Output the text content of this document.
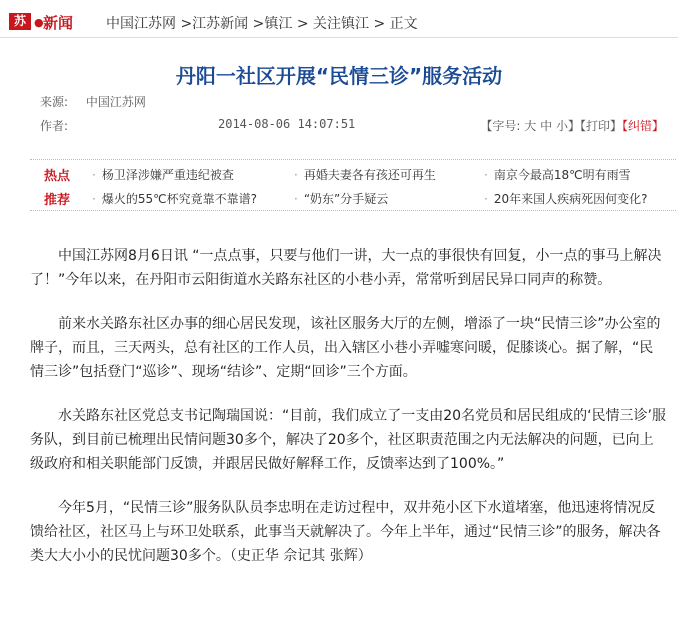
苏 ● 新闻 中国江苏网 >江苏新闻 >镇江 > 关注镇江 > 正文
丹阳一社区开展“民情三诊”服务活动
来源: 中国江苏网
作者:	2014-08-06 14:07:51	【字号: 大 中 小】【打印】【纠错】
热点	· 杨卫泽涉嫌严重违纪被查	· 再婚夫妻各有孩还可再生	· 南京今最高18℃明有雨雪
推荐	· 爆火的55℃杯究竟靠不靠谱?	· “奶东”分手疑云	· 20年来国人疾病死因何变化?

中国江苏网8月6日讯 “一点点事，只要与他们一讲，大一点的事很快有回复，小一点的事马上解决了！”今年以来，在丹阳市云阳街道水关路东社区的小巷小弄，常常听到居民异口同声的称赞。

前来水关路东社区办事的细心居民发现，该社区服务大厅的左侧，增添了一块“民情三诊”办公室的牌子，而且，三天两头，总有社区的工作人员，出入辖区小巷小弄嘘寒问暖，促膝谈心。据了解，“民情三诊”包括登门“巡诊”、现场“结诊”、定期“回诊”三个方面。

水关路东社区党总支书记陶瑞国说：“目前，我们成立了一支由20名党员和居民组成的‘民情三诊’服务队，到目前已梳理出民情问题30多个，解决了20多个，社区职责范围之内无法解决的问题，已向上级政府和相关职能部门反馈，并跟居民做好解释工作，反馈率达到了100%。”

今年5月，“民情三诊”服务队队员李忠明在走访过程中，双井苑小区下水道堵塞，他迅速将情况反馈给社区，社区马上与环卫处联系，此事当天就解决了。今年上半年，通过“民情三诊”的服务，解决各类大大小小的民忧问题30多个。（史正华 佘记其 张辉）
